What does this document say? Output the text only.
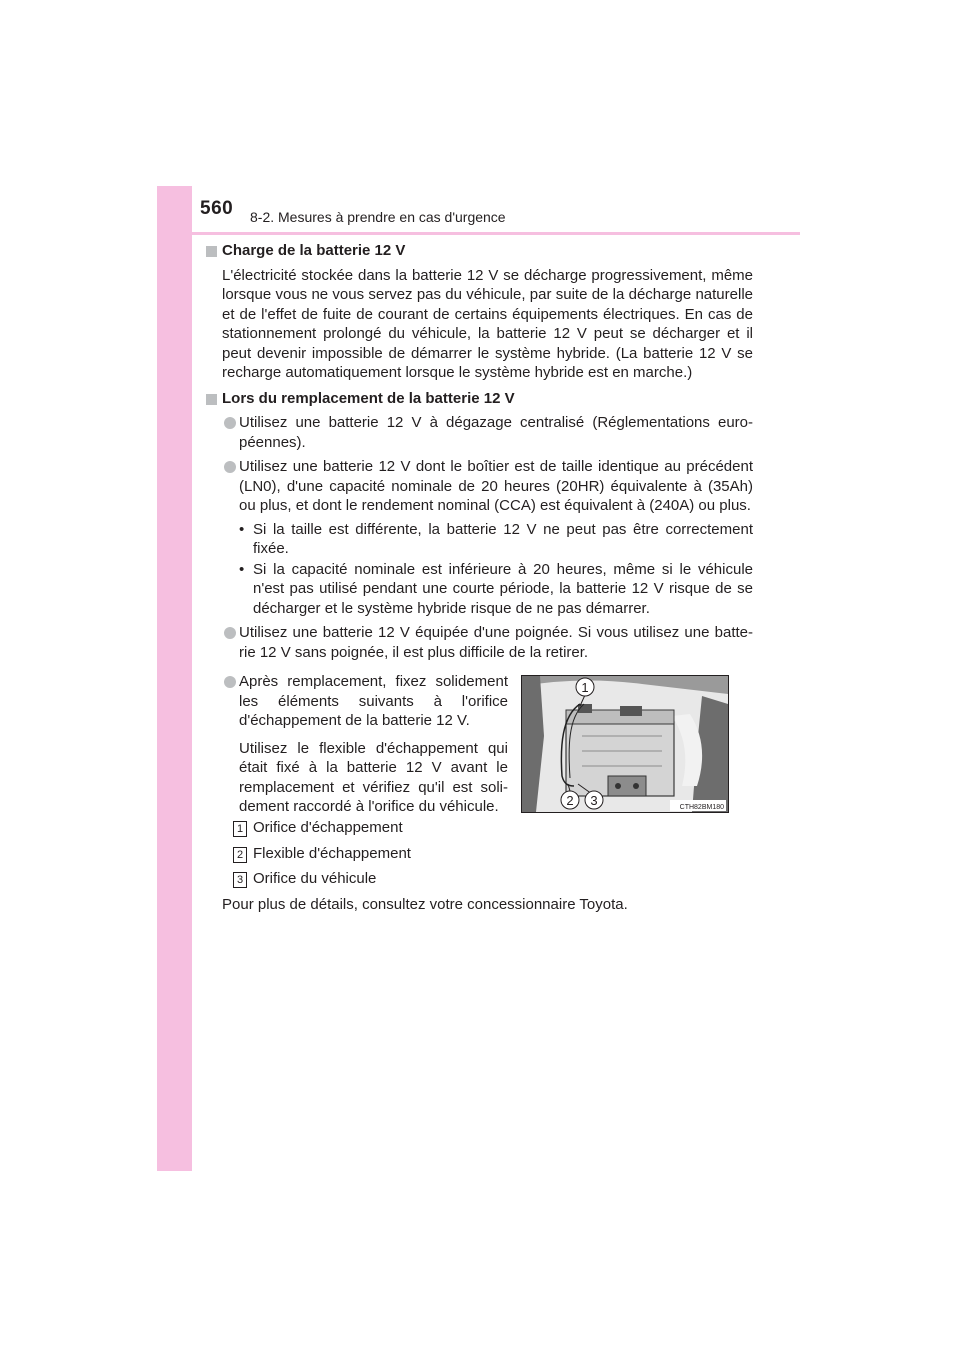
560 8-2. Mesures à prendre en cas d'urgence
Charge de la batterie 12 V
L'électricité stockée dans la batterie 12 V se décharge progressivement, même lorsque vous ne vous servez pas du véhicule, par suite de la décharge naturelle et de l'effet de fuite de courant de certains équipements électriques. En cas de stationnement prolongé du véhicule, la batterie 12 V peut se décharger et il peut devenir impossible de démarrer le système hybride. (La batterie 12 V se recharge automatiquement lorsque le système hybride est en marche.)
Lors du remplacement de la batterie 12 V
Utilisez une batterie 12 V à dégazage centralisé (Réglementations euro-péennes).
Utilisez une batterie 12 V dont le boîtier est de taille identique au précédent (LN0), d'une capacité nominale de 20 heures (20HR) équivalente à (35Ah) ou plus, et dont le rendement nominal (CCA) est équivalent à (240A) ou plus.
• Si la taille est différente, la batterie 12 V ne peut pas être correctement fixée.
• Si la capacité nominale est inférieure à 20 heures, même si le véhicule n'est pas utilisé pendant une courte période, la batterie 12 V risque de se décharger et le système hybride risque de ne pas démarrer.
Utilisez une batterie 12 V équipée d'une poignée. Si vous utilisez une batte-rie 12 V sans poignée, il est plus difficile de la retirer.
Après remplacement, fixez solidement les éléments suivants à l'orifice d'échappement de la batterie 12 V.
Utilisez le flexible d'échappement qui était fixé à la batterie 12 V avant le remplacement et vérifiez qu'il est soli-dement raccordé à l'orifice du véhicule.
1
2 3	CTH82BM180
1 Orifice d'échappement
2 Flexible d'échappement
3 Orifice du véhicule
Pour plus de détails, consultez votre concessionnaire Toyota.
